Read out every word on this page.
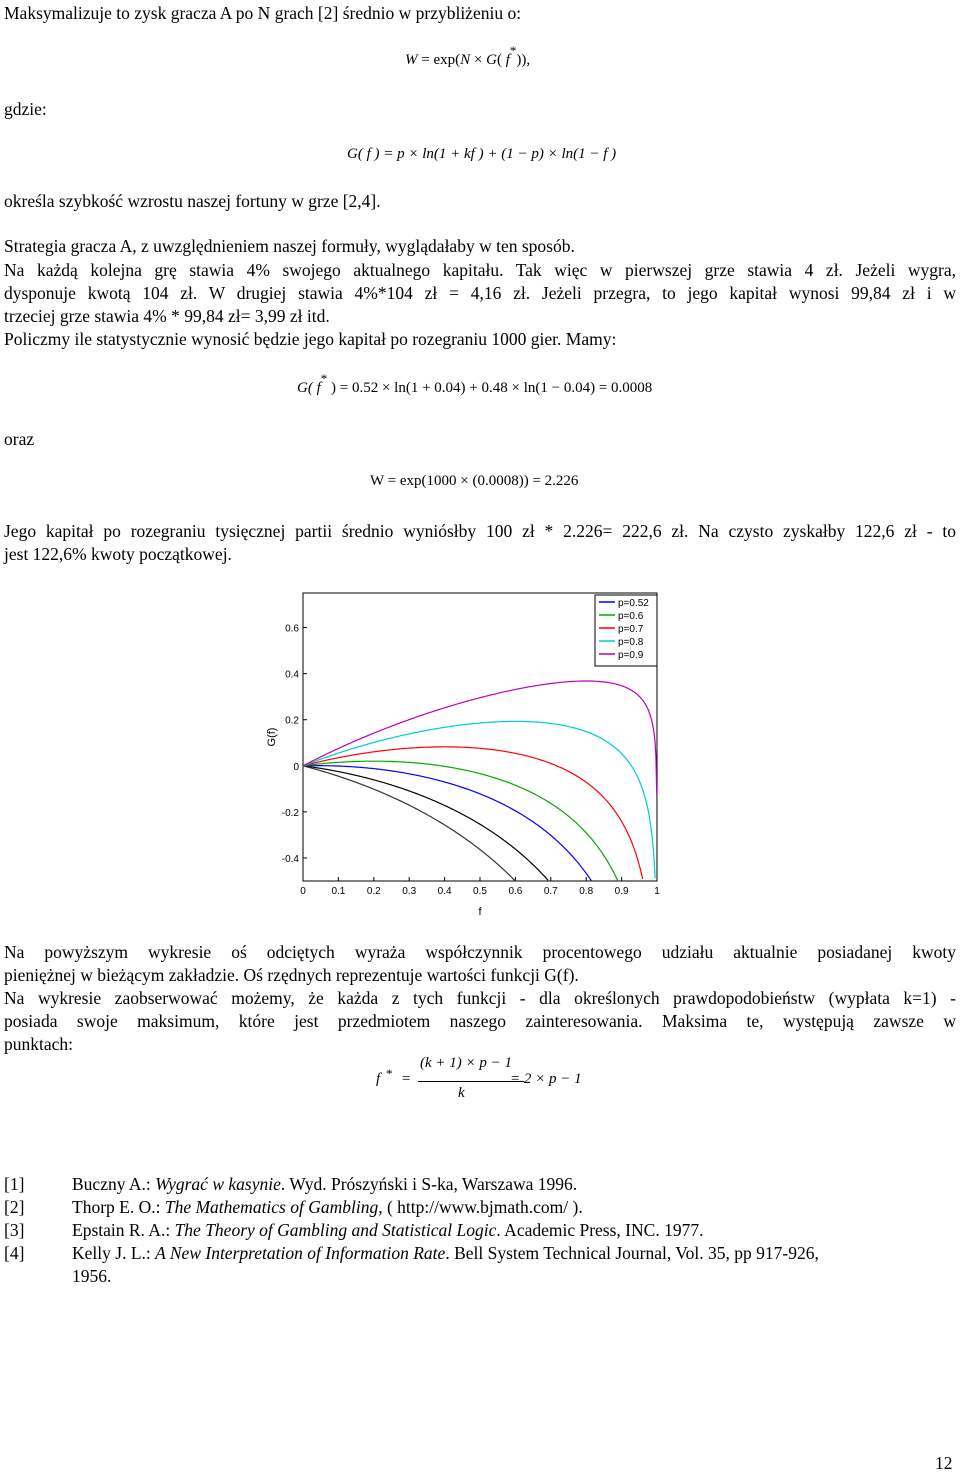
Maksymalizuje to zysk gracza A po N grach [2] średnio w przybliżeniu o:
W = exp(N × G( f*)),
gdzie:
G( f ) = p × ln(1 + kf ) + (1 − p) × ln(1 − f )
określa szybkość wzrostu naszej fortuny w grze [2,4].
Strategia gracza A, z uwzględnieniem naszej formuły, wyglądałaby w ten sposób.
Na każdą kolejna grę stawia 4% swojego aktualnego kapitału. Tak więc w pierwszej grze stawia 4 zł. Jeżeli wygra,
dysponuje kwotą 104 zł. W drugiej stawia 4%*104 zł = 4,16 zł. Jeżeli przegra, to jego kapitał wynosi 99,84 zł i w
trzeciej grze stawia 4% * 99,84 zł= 3,99 zł itd.
Policzmy ile statystycznie wynosić będzie jego kapitał po rozegraniu 1000 gier. Mamy:
G( f* ) = 0.52 × ln(1 + 0.04) + 0.48 × ln(1 − 0.04) = 0.0008
oraz
W = exp(1000 × (0.0008)) = 2.226
Jego kapitał po rozegraniu tysięcznej partii średnio wyniósłby 100 zł * 2.226= 222,6 zł. Na czysto zyskałby 122,6 zł - to
jest 122,6% kwoty początkowej.
0	0.1 0.2 0.3 0.4 0.5 0.6 0.7 0.8 0.9	1
0.6
0.4
0.2
0
-0.2
-0.4
f
G(f)
p=0.52
p=0.6
p=0.7
p=0.8
p=0.9
Na powyższym wykresie oś odciętych wyraża współczynnik procentowego udziału aktualnie posiadanej kwoty
pieniężnej w bieżącym zakładzie. Oś rzędnych reprezentuje wartości funkcji G(f).
Na wykresie zaobserwować możemy, że każda z tych funkcji - dla określonych prawdopodobieństw (wypłata k=1) -
posiada swoje maksimum, które jest przedmiotem naszego zainteresowania. Maksima te, występują zawsze w
punktach:
f $_*$ =
(k + 1) × p − 1
k
= 2 × p − 1
[1]	Buczny A.: Wygrać w kasynie. Wyd. Prószyński i S-ka, Warszawa 1996.
[2]	Thorp E. O.: The Mathematics of Gambling, ( http://www.bjmath.com/ ).
[3]	Epstain R. A.: The Theory of Gambling and Statistical Logic. Academic Press, INC. 1977.
[4]	Kelly J. L.: A New Interpretation of Information Rate. Bell System Technical Journal, Vol. 35, pp 917-926,
1956.
12
